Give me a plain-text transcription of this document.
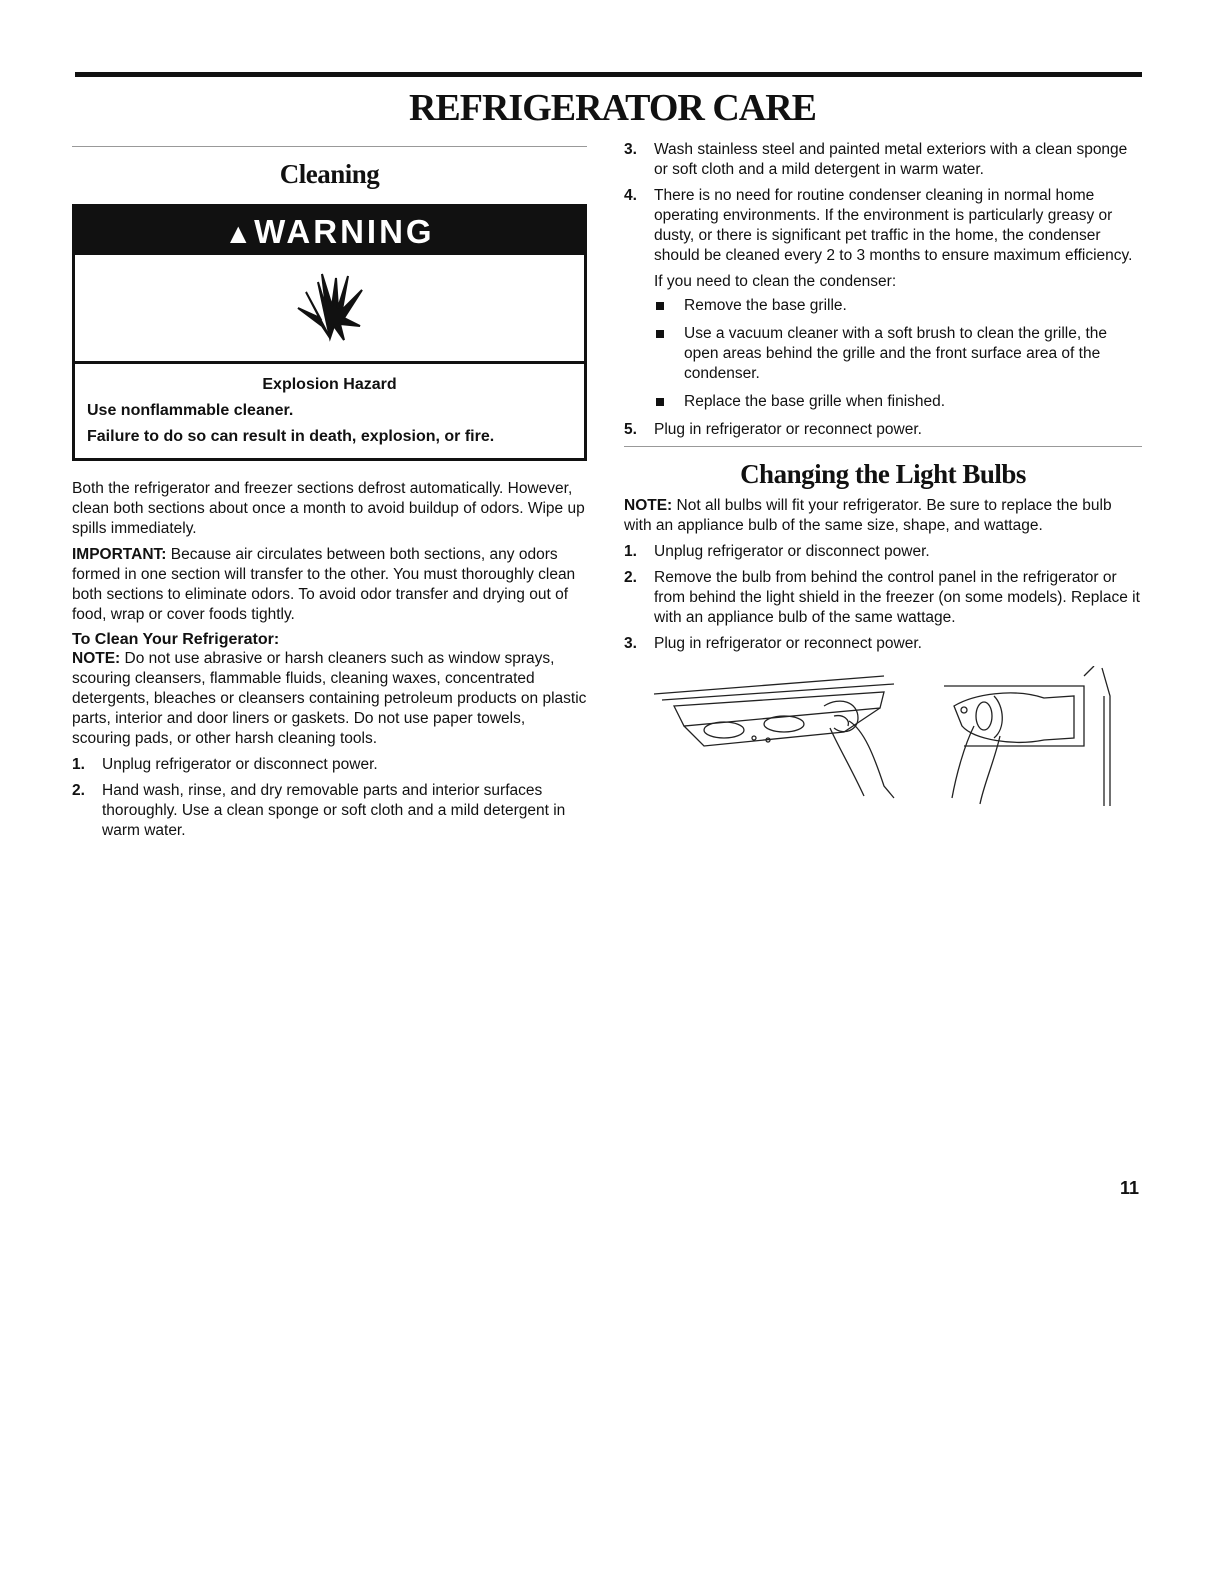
REFRIGERATOR CARE
Cleaning
▲WARNING
Explosion Hazard
Use nonflammable cleaner.
Failure to do so can result in death, explosion, or fire.

Both the refrigerator and freezer sections defrost automatically. However, clean both sections about once a month to avoid buildup of odors. Wipe up spills immediately.

IMPORTANT: Because air circulates between both sections, any odors formed in one section will transfer to the other. You must thoroughly clean both sections to eliminate odors. To avoid odor transfer and drying out of food, wrap or cover foods tightly.

To Clean Your Refrigerator:

NOTE: Do not use abrasive or harsh cleaners such as window sprays, scouring cleansers, flammable fluids, cleaning waxes, concentrated detergents, bleaches or cleansers containing petroleum products on plastic parts, interior and door liners or gaskets. Do not use paper towels, scouring pads, or other harsh cleaning tools.

1. Unplug refrigerator or disconnect power.
2. Hand wash, rinse, and dry removable parts and interior surfaces thoroughly. Use a clean sponge or soft cloth and a mild detergent in warm water.
3. Wash stainless steel and painted metal exteriors with a clean sponge or soft cloth and a mild detergent in warm water.
4. There is no need for routine condenser cleaning in normal home operating environments. If the environment is particularly greasy or dusty, or there is significant pet traffic in the home, the condenser should be cleaned every 2 to 3 months to ensure maximum efficiency.

If you need to clean the condenser:

Remove the base grille.
Use a vacuum cleaner with a soft brush to clean the grille, the open areas behind the grille and the front surface area of the condenser.
Replace the base grille when finished.
5. Plug in refrigerator or reconnect power.
Changing the Light Bulbs

NOTE: Not all bulbs will fit your refrigerator. Be sure to replace the bulb with an appliance bulb of the same size, shape, and wattage.

1. Unplug refrigerator or disconnect power.
2. Remove the bulb from behind the control panel in the refrigerator or from behind the light shield in the freezer (on some models). Replace it with an appliance bulb of the same wattage.
3. Plug in refrigerator or reconnect power.
11
